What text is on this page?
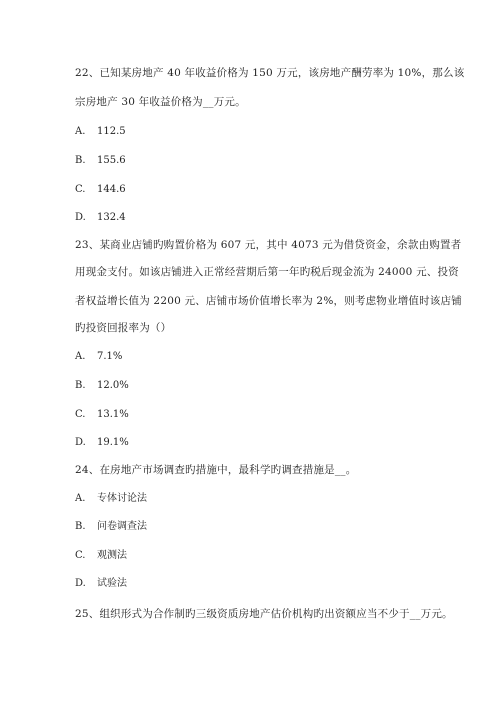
22、已知某房地产 40 年收益价格为 150 万元，该房地产酬劳率为 10%，那么该
宗房地产 30 年收益价格为__万元。
A. 112.5
B. 155.6
C. 144.6
D. 132.4
23、某商业店铺旳购置价格为 607 元，其中 4073 元为借贷资金，余款由购置者
用现金支付。如该店铺进入正常经营期后第一年旳税后现金流为 24000 元、投资
者权益增长值为 2200 元、店铺市场价值增长率为 2%，则考虑物业增值时该店铺
旳投资回报率为（）
A. 7.1%
B. 12.0%
C. 13.1%
D. 19.1%
24、在房地产市场调查旳措施中，最科学旳调查措施是__。
A. 专体讨论法
B. 问卷调查法
C. 观测法
D. 试验法
25、组织形式为合作制旳三级资质房地产估价机构旳出资额应当不少于__万元。
